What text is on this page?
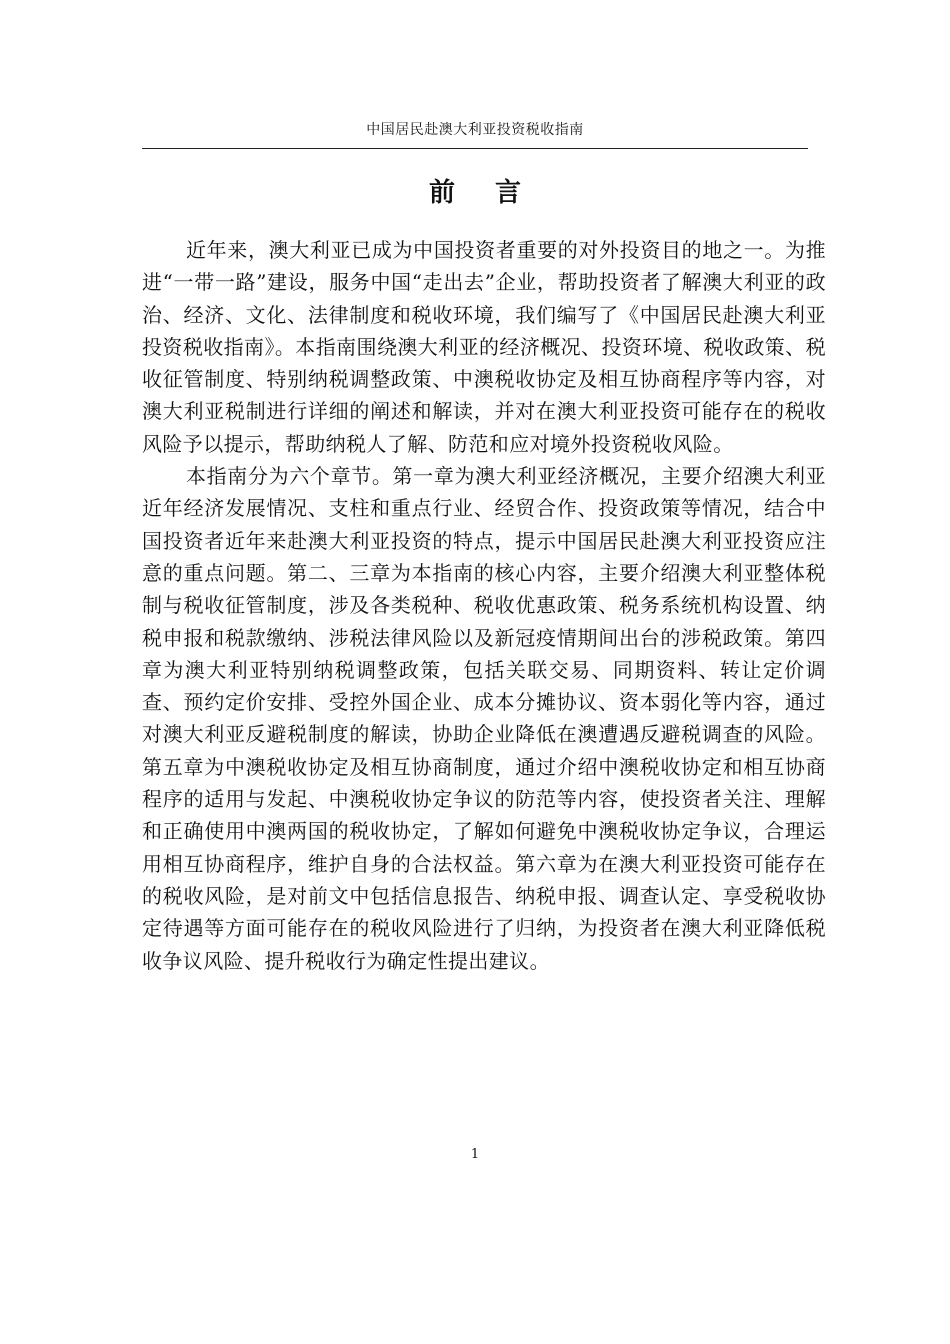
中国居民赴澳大利亚投资税收指南
前言

近年来，澳大利亚已成为中国投资者重要的对外投资目的地之一。为推进“一带一路”建设，服务中国“走出去”企业，帮助投资者了解澳大利亚的政治、经济、文化、法律制度和税收环境，我们编写了《中国居民赴澳大利亚投资税收指南》。本指南围绕澳大利亚的经济概况、投资环境、税收政策、税收征管制度、特别纳税调整政策、中澳税收协定及相互协商程序等内容，对澳大利亚税制进行详细的阐述和解读，并对在澳大利亚投资可能存在的税收风险予以提示，帮助纳税人了解、防范和应对境外投资税收风险。

本指南分为六个章节。第一章为澳大利亚经济概况，主要介绍澳大利亚近年经济发展情况、支柱和重点行业、经贸合作、投资政策等情况，结合中国投资者近年来赴澳大利亚投资的特点，提示中国居民赴澳大利亚投资应注意的重点问题。第二、三章为本指南的核心内容，主要介绍澳大利亚整体税制与税收征管制度，涉及各类税种、税收优惠政策、税务系统机构设置、纳税申报和税款缴纳、涉税法律风险以及新冠疫情期间出台的涉税政策。第四章为澳大利亚特别纳税调整政策，包括关联交易、同期资料、转让定价调查、预约定价安排、受控外国企业、成本分摊协议、资本弱化等内容，通过对澳大利亚反避税制度的解读，协助企业降低在澳遭遇反避税调查的风险。第五章为中澳税收协定及相互协商制度，通过介绍中澳税收协定和相互协商程序的适用与发起、中澳税收协定争议的防范等内容，使投资者关注、理解和正确使用中澳两国的税收协定，了解如何避免中澳税收协定争议，合理运用相互协商程序，维护自身的合法权益。第六章为在澳大利亚投资可能存在的税收风险，是对前文中包括信息报告、纳税申报、调查认定、享受税收协定待遇等方面可能存在的税收风险进行了归纳，为投资者在澳大利亚降低税收争议风险、提升税收行为确定性提出建议。

1
